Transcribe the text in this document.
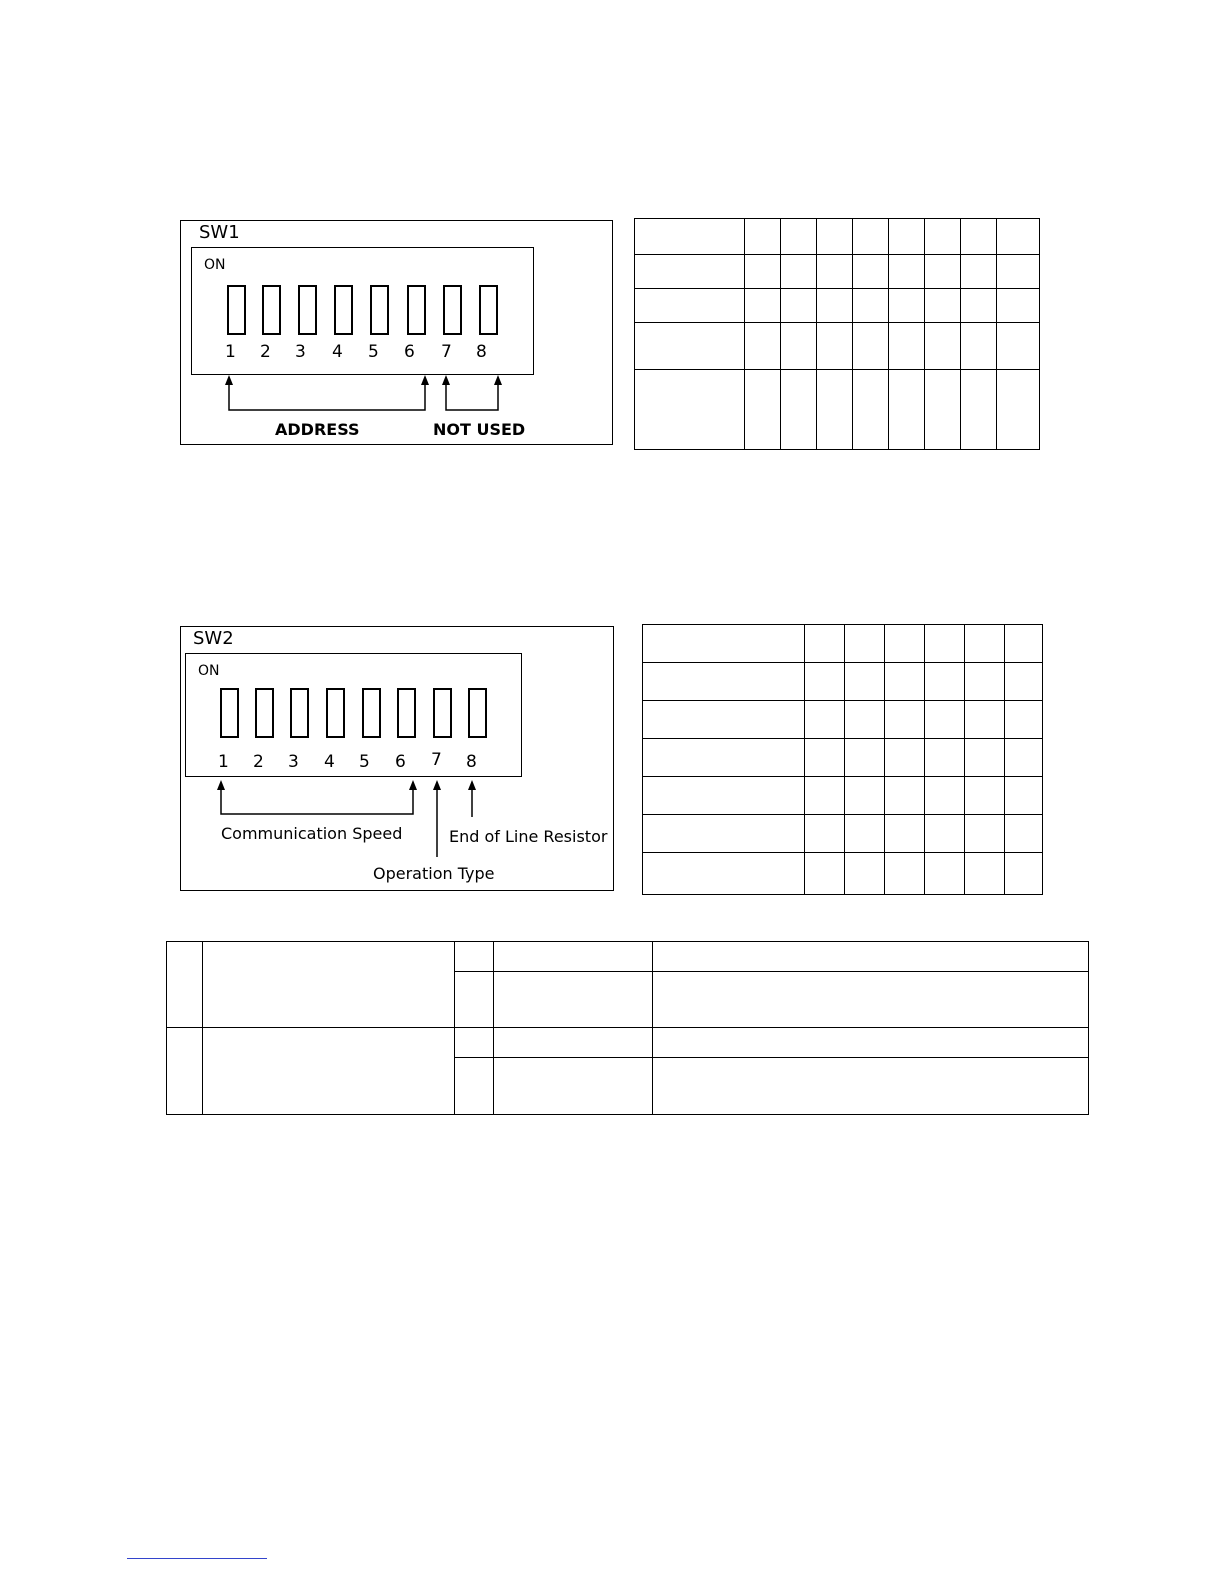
SW1
ON
1 2 3 4 5 6 7 8
ADDRESS	NOT USED

SW2
ON
1 2 3 4 5 6 7 8
Communication Speed	End of Line Resistor
Operation Type
